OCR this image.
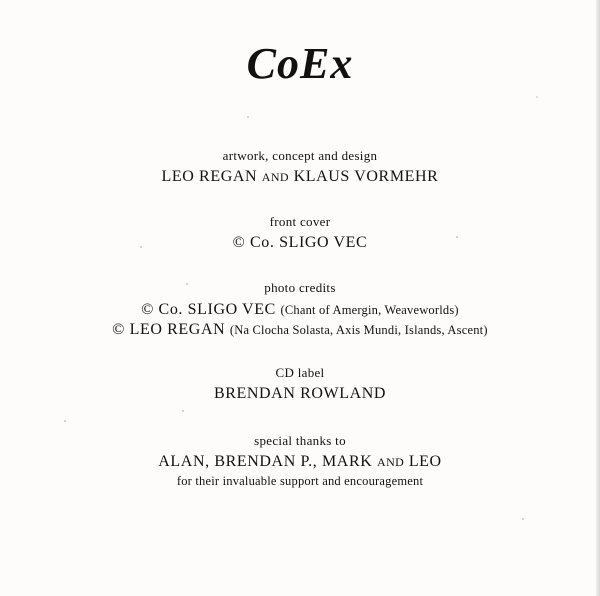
CoEx
artwork, concept and design
LEO REGAN AND KLAUS VORMEHR
front cover
© Co. SLIGO VEC
photo credits
© Co. SLIGO VEC (Chant of Amergin, Weaveworlds)
© LEO REGAN (Na Clocha Solasta, Axis Mundi, Islands, Ascent)
CD label
BRENDAN ROWLAND
special thanks to
ALAN, BRENDAN P., MARK AND LEO
for their invaluable support and encouragement
